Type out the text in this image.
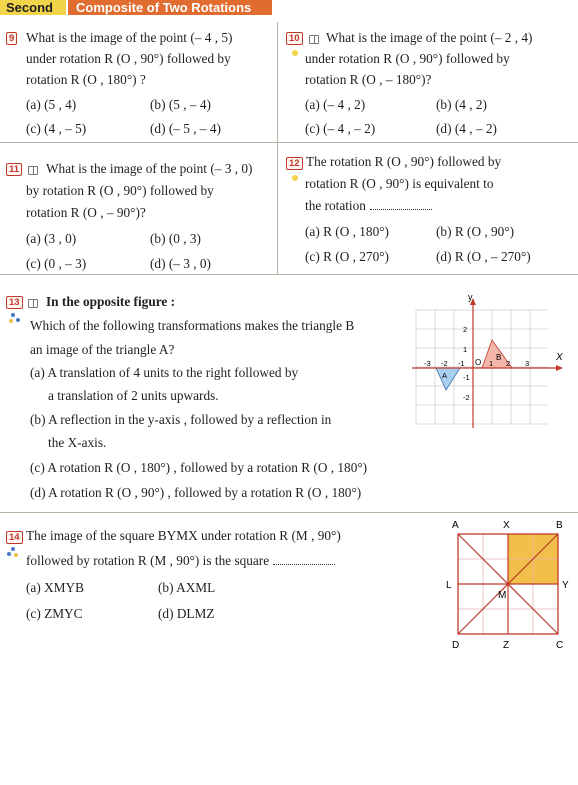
Second	Composite of Two Rotations
9 What is the image of the point (– 4 , 5)
under rotation R (O , 90°) followed by
rotation R (O , 180°) ?
(a) (5 , 4)	(b) (5 , – 4)
(c) (4 , – 5)	(d) (– 5 , – 4)
10 What is the image of the point (– 2 , 4)
under rotation R (O , 90°) followed by
rotation R (O , – 180°)?
(a) (– 4 , 2)	(b) (4 , 2)
(c) (– 4 , – 2)	(d) (4 , – 2)
11 What is the image of the point (– 3 , 0)
by rotation R (O , 90°) followed by
rotation R (O , – 90°)?
(a) (3 , 0)	(b) (0 , 3)
(c) (0 , – 3)	(d) (– 3 , 0)
12 The rotation R (O , 90°) followed by
rotation R (O , 90°) is equivalent to
the rotation
(a) R (O , 180°)	(b) R (O , 90°)
(c) R (O , 270°)	(d) R (O , – 270°)
13 In the opposite figure :
Which of the following transformations makes the triangle B
an image of the triangle A?
(a) A translation of 4 units to the right followed by
a translation of 2 units upwards.
(b) A reflection in the y-axis , followed by a reflection in
the X-axis.
(c) A rotation R (O , 180°) , followed by a rotation R (O , 180°)
(d) A rotation R (O , 90°) , followed by a rotation R (O , 180°)
y
X
O
-3 -2 -1	1 2 3
2
1
-1
-2
A
B
14 The image of the square BYMX under rotation R (M , 90°)
followed by rotation R (M , 90°) is the square
(a) XMYB	(b) AXML
(c) ZMYC	(d) DLMZ
A	X	B
L	Y
M
D	Z	C
